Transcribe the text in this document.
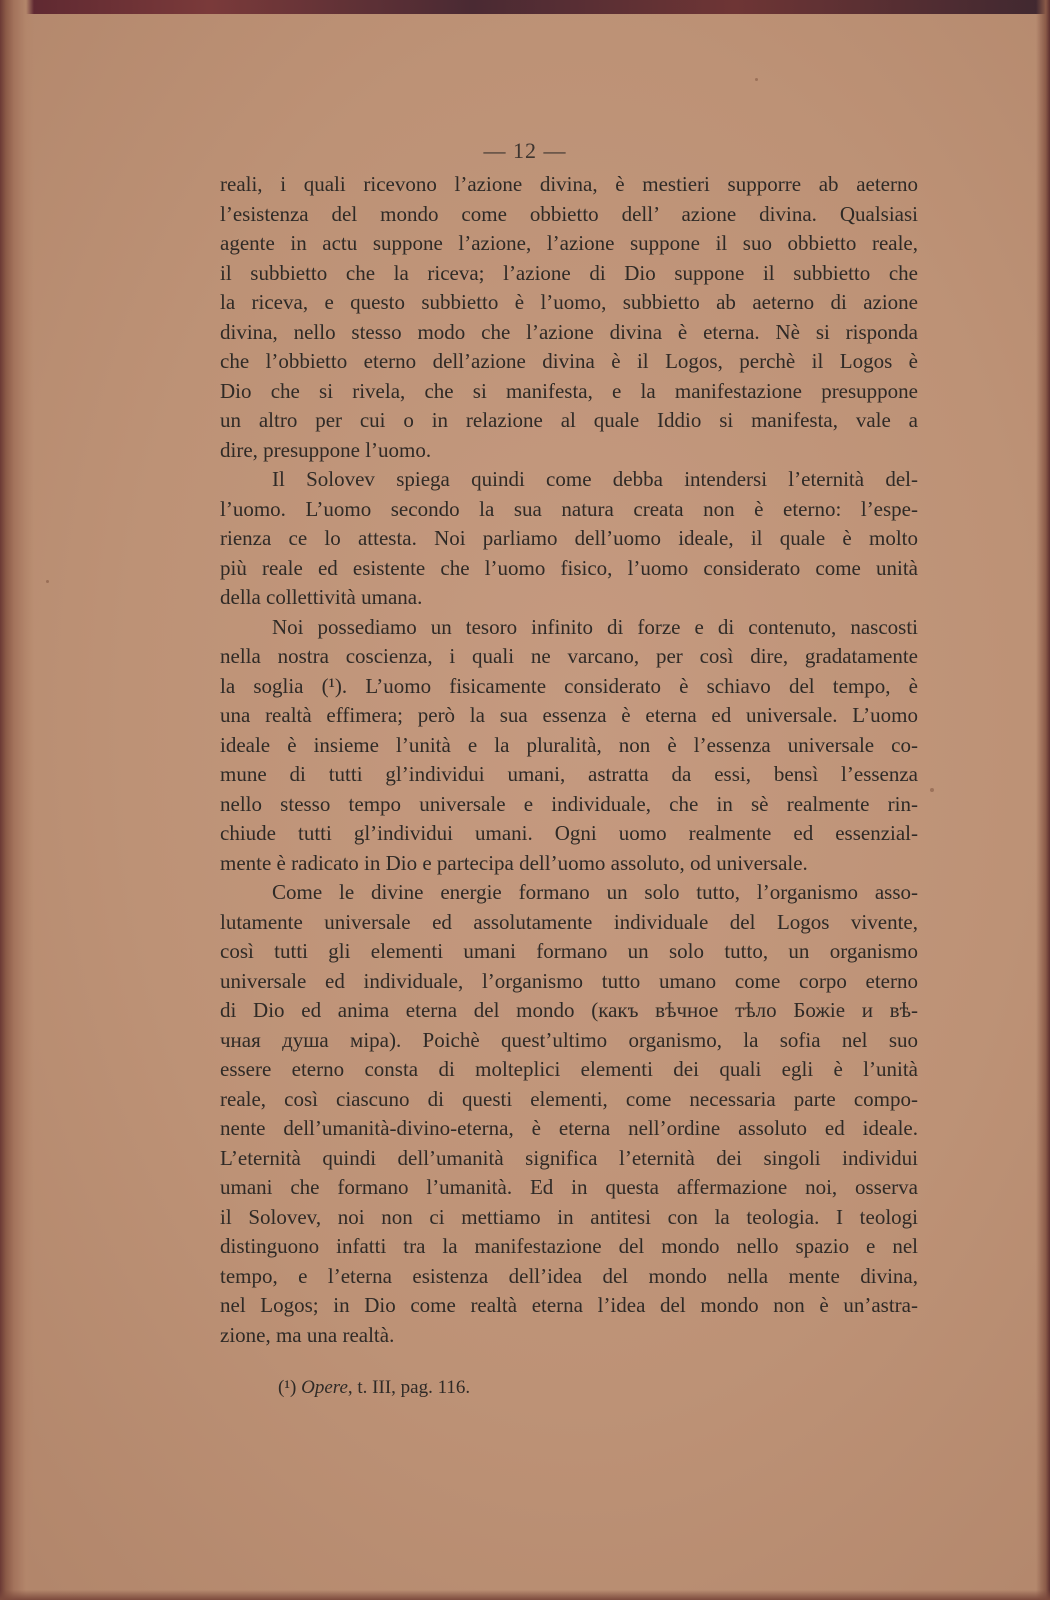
— 12 —

reali, i quali ricevono l’azione divina, è mestieri supporre ab aeterno

l’esistenza del mondo come obbietto dell’ azione divina. Qualsiasi

agente in actu suppone l’azione, l’azione suppone il suo obbietto reale,

il subbietto che la riceva; l’azione di Dio suppone il subbietto che

la riceva, e questo subbietto è l’uomo, subbietto ab aeterno di azione

divina, nello stesso modo che l’azione divina è eterna. Nè si risponda

che l’obbietto eterno dell’azione divina è il Logos, perchè il Logos è

Dio che si rivela, che si manifesta, e la manifestazione presuppone

un altro per cui o in relazione al quale Iddio si manifesta, vale a

dire, presuppone l’uomo.

Il Solovev spiega quindi come debba intendersi l’eternità del-

l’uomo. L’uomo secondo la sua natura creata non è eterno: l’espe-

rienza ce lo attesta. Noi parliamo dell’uomo ideale, il quale è molto

più reale ed esistente che l’uomo fisico, l’uomo considerato come unità

della collettività umana.

Noi possediamo un tesoro infinito di forze e di contenuto, nascosti

nella nostra coscienza, i quali ne varcano, per così dire, gradatamente

la soglia (¹). L’uomo fisicamente considerato è schiavo del tempo, è

una realtà effimera; però la sua essenza è eterna ed universale. L’uomo

ideale è insieme l’unità e la pluralità, non è l’essenza universale co-

mune di tutti gl’individui umani, astratta da essi, bensì l’essenza

nello stesso tempo universale e individuale, che in sè realmente rin-

chiude tutti gl’individui umani. Ogni uomo realmente ed essenzial-

mente è radicato in Dio e partecipa dell’uomo assoluto, od universale.

Come le divine energie formano un solo tutto, l’organismo asso-

lutamente universale ed assolutamente individuale del Logos vivente,

così tutti gli elementi umani formano un solo tutto, un organismo

universale ed individuale, l’organismo tutto umano come corpo eterno

di Dio ed anima eterna del mondo (какъ вѣчное тѣло Божіе и вѣ-

чная душа міра). Poichè quest’ultimo organismo, la sofia nel suo

essere eterno consta di molteplici elementi dei quali egli è l’unità

reale, così ciascuno di questi elementi, come necessaria parte compo-

nente dell’umanità-divino-eterna, è eterna nell’ordine assoluto ed ideale.

L’eternità quindi dell’umanità significa l’eternità dei singoli individui

umani che formano l’umanità. Ed in questa affermazione noi, osserva

il Solovev, noi non ci mettiamo in antitesi con la teologia. I teologi

distinguono infatti tra la manifestazione del mondo nello spazio e nel

tempo, e l’eterna esistenza dell’idea del mondo nella mente divina,

nel Logos; in Dio come realtà eterna l’idea del mondo non è un’astra-

zione, ma una realtà.

(¹) Opere, t. III, pag. 116.
